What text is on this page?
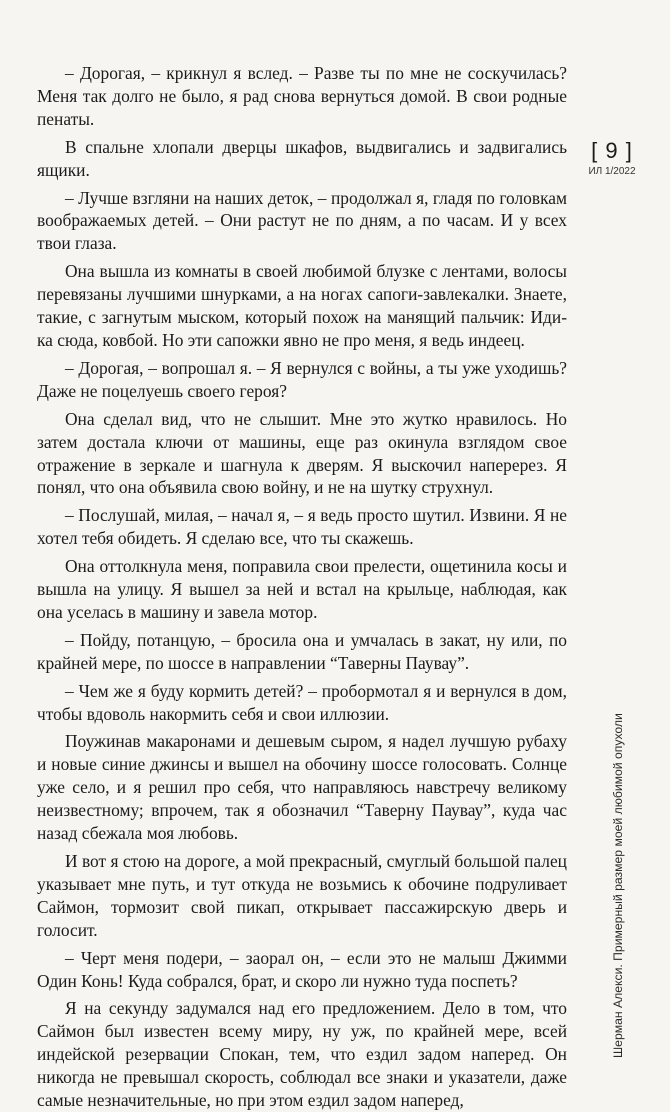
[ 9 ]
ИЛ 1/2022
Шерман Алекси. Примерный размер моей любимой опухоли

– Дорогая, – крикнул я вслед. – Разве ты по мне не соскучилась? Меня так долго не было, я рад снова вернуться домой. В свои родные пенаты.

В спальне хлопали дверцы шкафов, выдвигались и задвигались ящики.

– Лучше взгляни на наших деток, – продолжал я, гладя по головкам воображаемых детей. – Они растут не по дням, а по часам. И у всех твои глаза.

Она вышла из комнаты в своей любимой блузке с лентами, волосы перевязаны лучшими шнурками, а на ногах сапоги-завлекалки. Знаете, такие, с загнутым мыском, который похож на манящий пальчик: Иди-ка сюда, ковбой. Но эти сапожки явно не про меня, я ведь индеец.

– Дорогая, – вопрошал я. – Я вернулся с войны, а ты уже уходишь? Даже не поцелуешь своего героя?

Она сделал вид, что не слышит. Мне это жутко нравилось. Но затем достала ключи от машины, еще раз окинула взглядом свое отражение в зеркале и шагнула к дверям. Я выскочил наперерез. Я понял, что она объявила свою войну, и не на шутку струхнул.

– Послушай, милая, – начал я, – я ведь просто шутил. Извини. Я не хотел тебя обидеть. Я сделаю все, что ты скажешь.

Она оттолкнула меня, поправила свои прелести, ощетинила косы и вышла на улицу. Я вышел за ней и встал на крыльце, наблюдая, как она уселась в машину и завела мотор.

– Пойду, потанцую, – бросила она и умчалась в закат, ну или, по крайней мере, по шоссе в направлении “Таверны Паувау”.

– Чем же я буду кормить детей? – пробормотал я и вернулся в дом, чтобы вдоволь накормить себя и свои иллюзии.

Поужинав макаронами и дешевым сыром, я надел лучшую рубаху и новые синие джинсы и вышел на обочину шоссе голосовать. Солнце уже село, и я решил про себя, что направляюсь навстречу великому неизвестному; впрочем, так я обозначил “Таверну Паувау”, куда час назад сбежала моя любовь.

И вот я стою на дороге, а мой прекрасный, смуглый большой палец указывает мне путь, и тут откуда не возьмись к обочине подруливает Саймон, тормозит свой пикап, открывает пассажирскую дверь и голосит.

– Черт меня подери, – заорал он, – если это не малыш Джимми Один Конь! Куда собрался, брат, и скоро ли нужно туда поспеть?

Я на секунду задумался над его предложением. Дело в том, что Саймон был известен всему миру, ну уж, по крайней мере, всей индейской резервации Спокан, тем, что ездил задом наперед. Он никогда не превышал скорость, соблюдал все знаки и указатели, даже самые незначительные, но при этом ездил задом наперед,
